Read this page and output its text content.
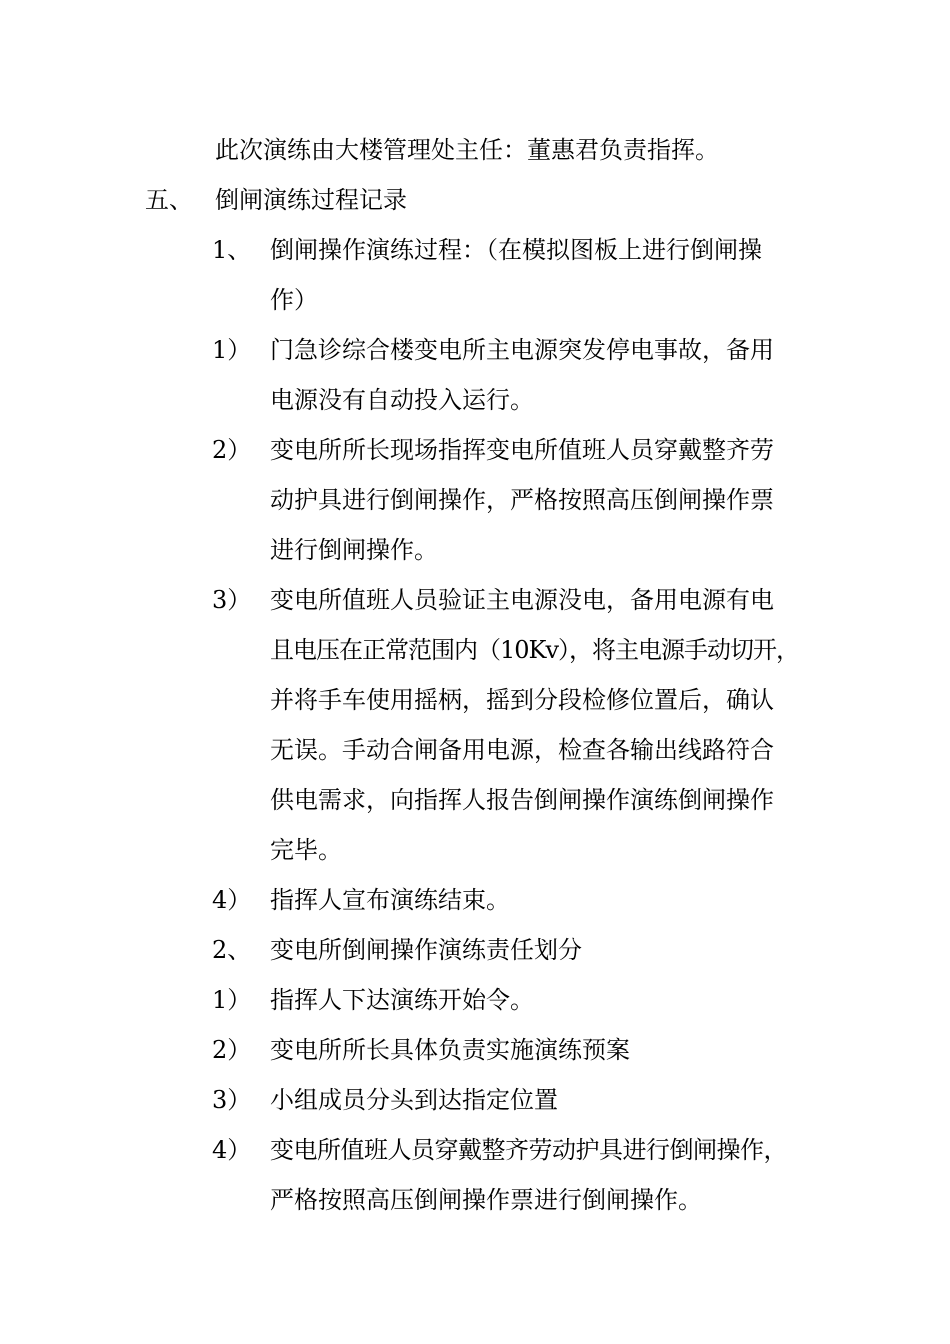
此次演练由大楼管理处主任：董惠君负责指挥。
五、 倒闸演练过程记录
1、 倒闸操作演练过程：（在模拟图板上进行倒闸操
作）
1） 门急诊综合楼变电所主电源突发停电事故，备用
电源没有自动投入运行。
2） 变电所所长现场指挥变电所值班人员穿戴整齐劳
动护具进行倒闸操作，严格按照高压倒闸操作票
进行倒闸操作。
3） 变电所值班人员验证主电源没电，备用电源有电
且电压在正常范围内（10Kv），将主电源手动切开，
并将手车使用摇柄，摇到分段检修位置后，确认
无误。手动合闸备用电源，检查各输出线路符合
供电需求，向指挥人报告倒闸操作演练倒闸操作
完毕。
4） 指挥人宣布演练结束。
2、 变电所倒闸操作演练责任划分
1） 指挥人下达演练开始令。
2） 变电所所长具体负责实施演练预案
3） 小组成员分头到达指定位置
4） 变电所值班人员穿戴整齐劳动护具进行倒闸操作，
严格按照高压倒闸操作票进行倒闸操作。
